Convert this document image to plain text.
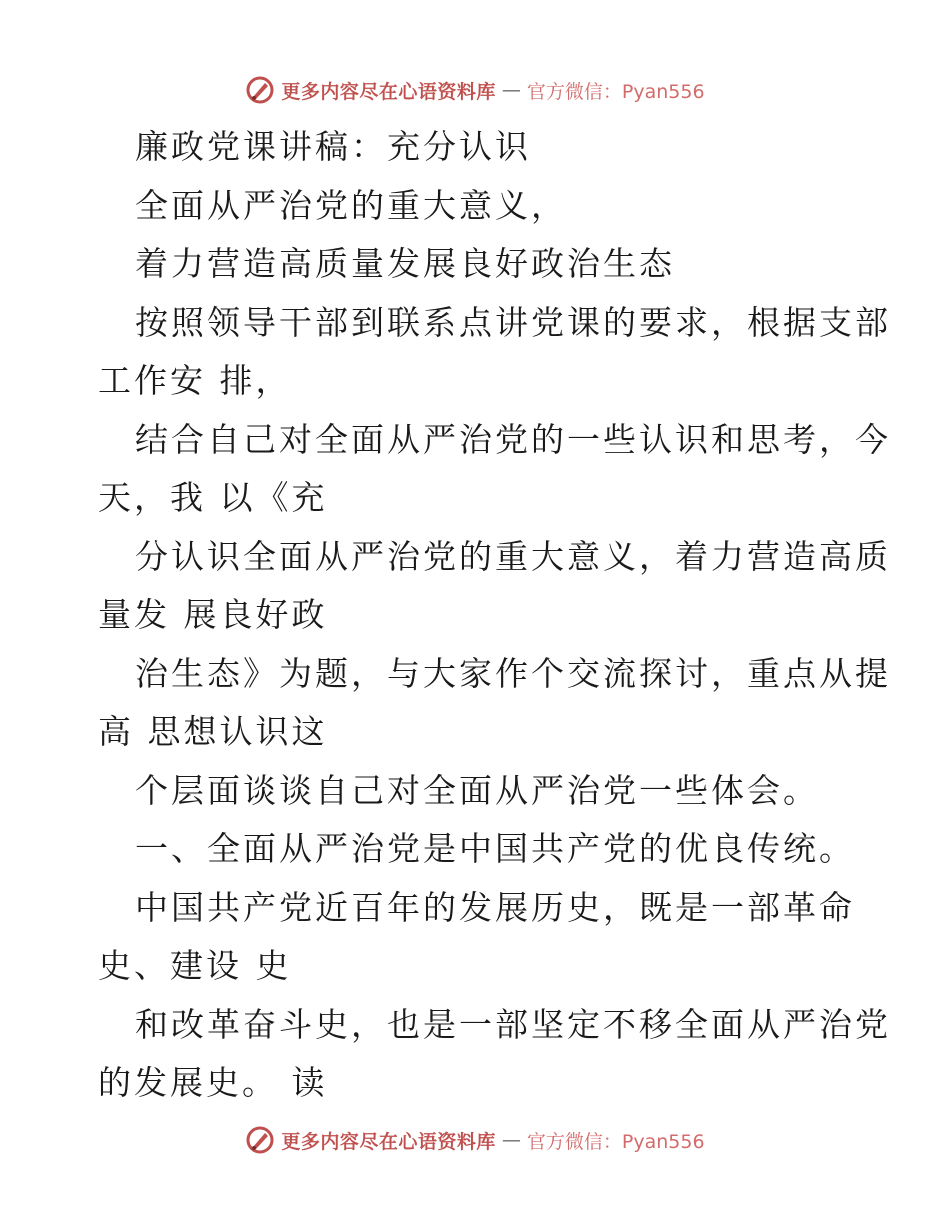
更多内容尽在心语资料库 — 官方微信：Pyan556
廉政党课讲稿：充分认识
全面从严治党的重大意义，
着力营造高质量发展良好政治生态
按照领导干部到联系点讲党课的要求，根据支部
工作安 排，
结合自己对全面从严治党的一些认识和思考，今
天，我 以《充
分认识全面从严治党的重大意义，着力营造高质
量发 展良好政
治生态》为题，与大家作个交流探讨，重点从提
高 思想认识这
个层面谈谈自己对全面从严治党一些体会。
一、全面从严治党是中国共产党的优良传统。
中国共产党近百年的发展历史，既是一部革命
史、建设 史
和改革奋斗史，也是一部坚定不移全面从严治党
的发展史。 读
更多内容尽在心语资料库 — 官方微信：Pyan556
